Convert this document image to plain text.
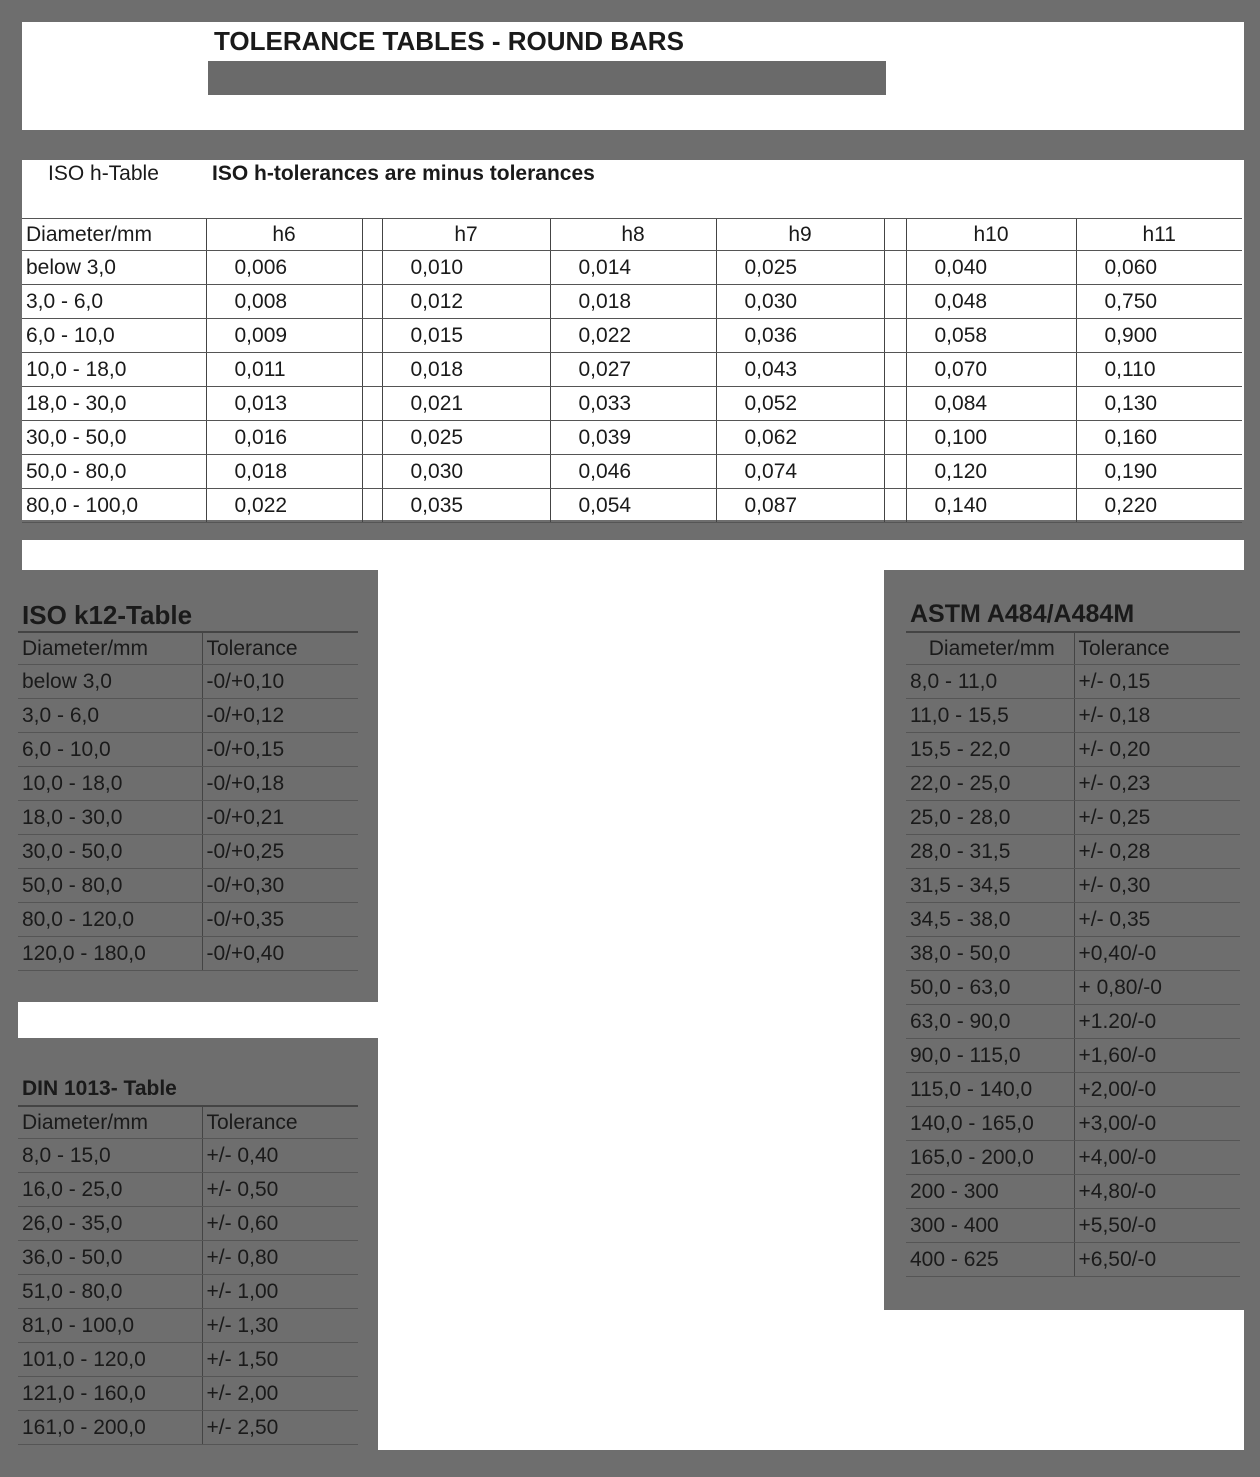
TOLERANCE TABLES - ROUND BARS
ISO h-Table	ISO h-tolerances are minus tolerances
Diameter/mm	h6		h7	h8	h9		h10	h11
below 3,0	0,006		0,010	0,014	0,025		0,040	0,060
3,0 - 6,0	0,008		0,012	0,018	0,030		0,048	0,750
6,0 - 10,0	0,009		0,015	0,022	0,036		0,058	0,900
10,0 - 18,0	0,011		0,018	0,027	0,043		0,070	0,110
18,0 - 30,0	0,013		0,021	0,033	0,052		0,084	0,130
30,0 - 50,0	0,016		0,025	0,039	0,062		0,100	0,160
50,0 - 80,0	0,018		0,030	0,046	0,074		0,120	0,190
80,0 - 100,0	0,022		0,035	0,054	0,087		0,140	0,220
ISO k12-Table	
Diameter/mm	Tolerance
below 3,0	-0/+0,10
3,0 - 6,0	-0/+0,12
6,0 - 10,0	-0/+0,15
10,0 - 18,0	-0/+0,18
18,0 - 30,0	-0/+0,21
30,0 - 50,0	-0/+0,25
50,0 - 80,0	-0/+0,30
80,0 - 120,0	-0/+0,35
120,0 - 180,0	-0/+0,40
DIN 1013- Table	
Diameter/mm	Tolerance
8,0 - 15,0	+/- 0,40
16,0 - 25,0	+/- 0,50
26,0 - 35,0	+/- 0,60
36,0 - 50,0	+/- 0,80
51,0 - 80,0	+/- 1,00
81,0 - 100,0	+/- 1,30
101,0 - 120,0	+/- 1,50
121,0 - 160,0	+/- 2,00
161,0 - 200,0	+/- 2,50
ASTM A484/A484M	
Diameter/mm	Tolerance
8,0 - 11,0	+/- 0,15
11,0 - 15,5	+/- 0,18
15,5 - 22,0	+/- 0,20
22,0 - 25,0	+/- 0,23
25,0 - 28,0	+/- 0,25
28,0 - 31,5	+/- 0,28
31,5 - 34,5	+/- 0,30
34,5 - 38,0	+/- 0,35
38,0 - 50,0	+0,40/-0
50,0 - 63,0	+ 0,80/-0
63,0 - 90,0	+1.20/-0
90,0 - 115,0	+1,60/-0
115,0 - 140,0	+2,00/-0
140,0 - 165,0	+3,00/-0
165,0 - 200,0	+4,00/-0
200 - 300	+4,80/-0
300 - 400	+5,50/-0
400 - 625	+6,50/-0
